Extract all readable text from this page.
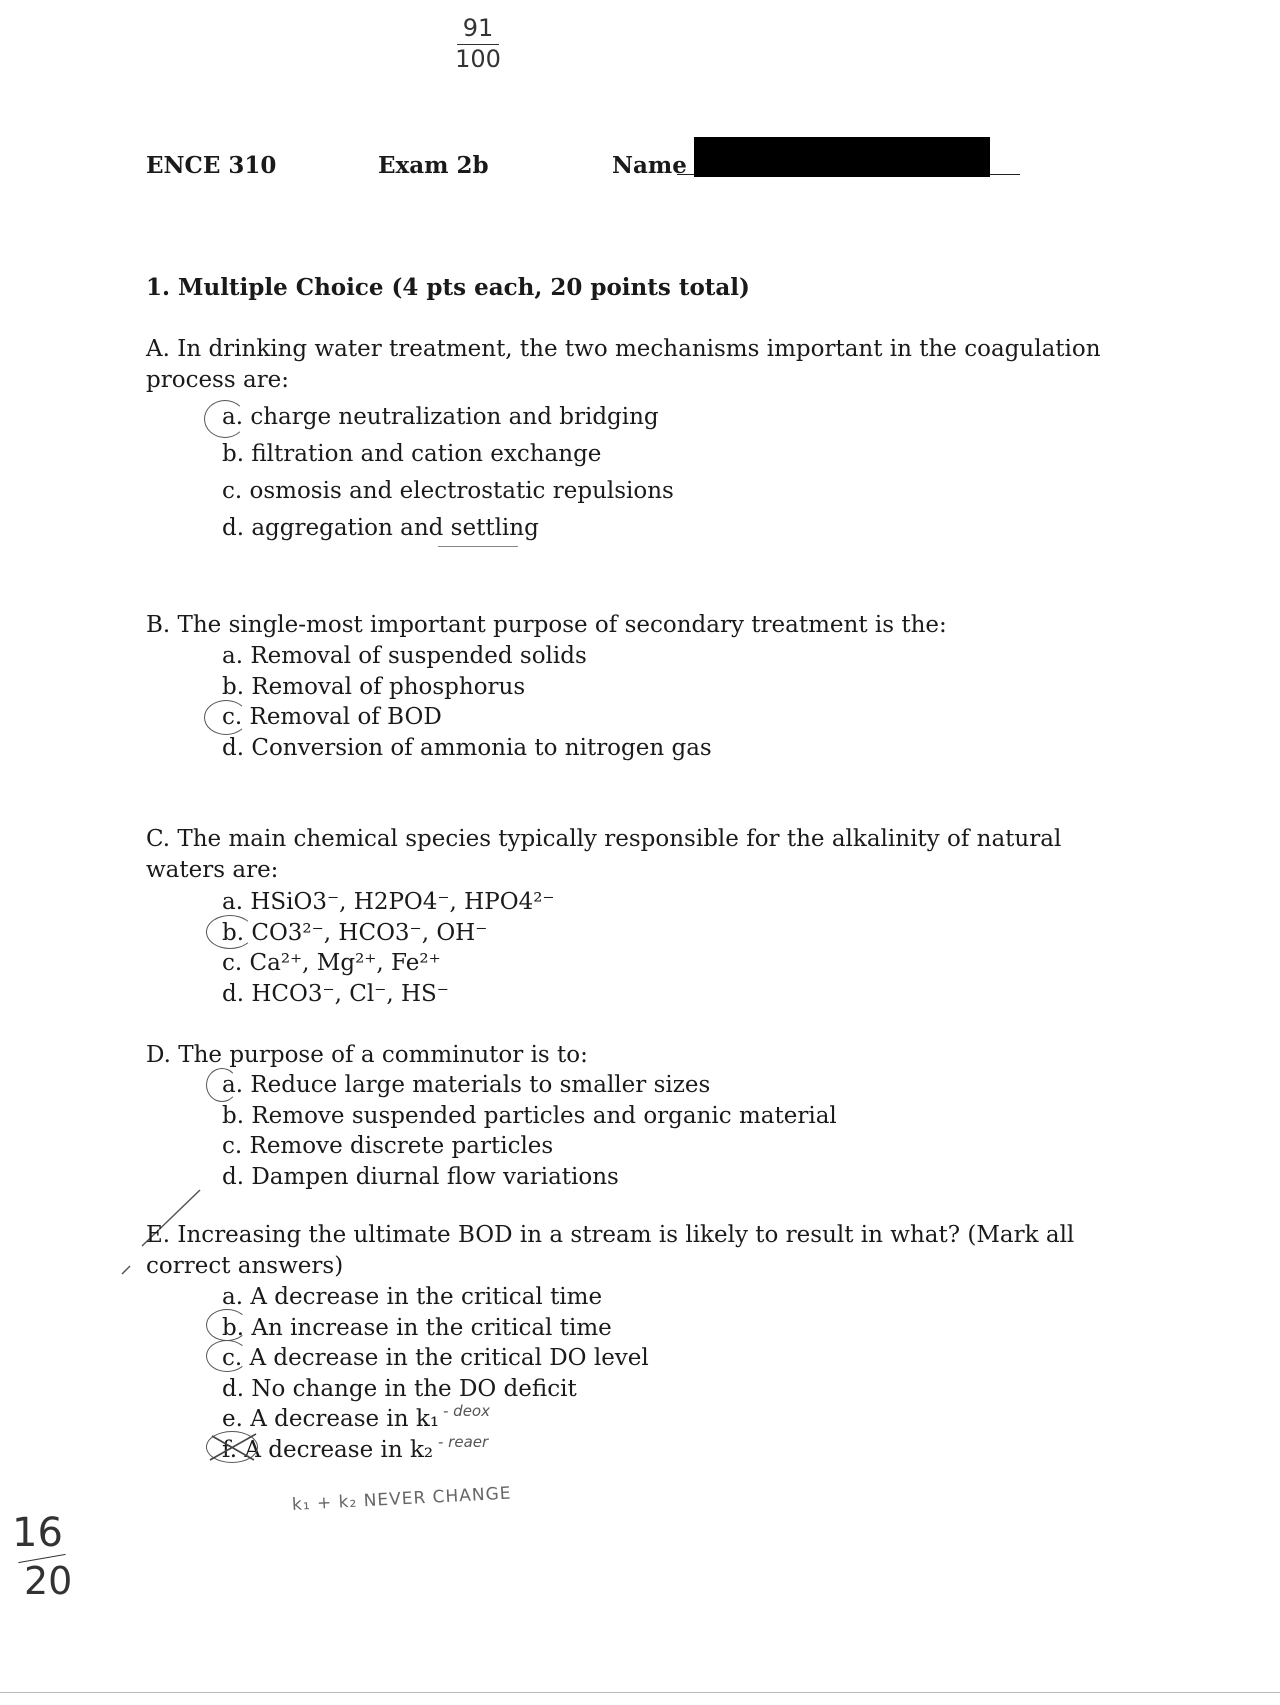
91
100
ENCE 310	Exam 2b	Name
1. Multiple Choice (4 pts each, 20 points total)
A. In drinking water treatment, the two mechanisms important in the coagulation
process are:
a. charge neutralization and bridging
b. filtration and cation exchange
c. osmosis and electrostatic repulsions
d. aggregation and settling
B. The single-most important purpose of secondary treatment is the:
a. Removal of suspended solids
b. Removal of phosphorus
c. Removal of BOD
d. Conversion of ammonia to nitrogen gas
C. The main chemical species typically responsible for the alkalinity of natural
waters are:
a. HSiO3⁻, H2PO4⁻, HPO4²⁻
b. CO3²⁻, HCO3⁻, OH⁻
c. Ca²⁺, Mg²⁺, Fe²⁺
d. HCO3⁻, Cl⁻, HS⁻
D. The purpose of a comminutor is to:
a. Reduce large materials to smaller sizes
b. Remove suspended particles and organic material
c. Remove discrete particles
d. Dampen diurnal flow variations
E. Increasing the ultimate BOD in a stream is likely to result in what? (Mark all
correct answers)
a. A decrease in the critical time
b. An increase in the critical time
c. A decrease in the critical DO level
d. No change in the DO deficit
e. A decrease in k₁
f. A decrease in k₂
- deox
- reaer
k₁ + k₂ NEVER CHANGE
16
20
